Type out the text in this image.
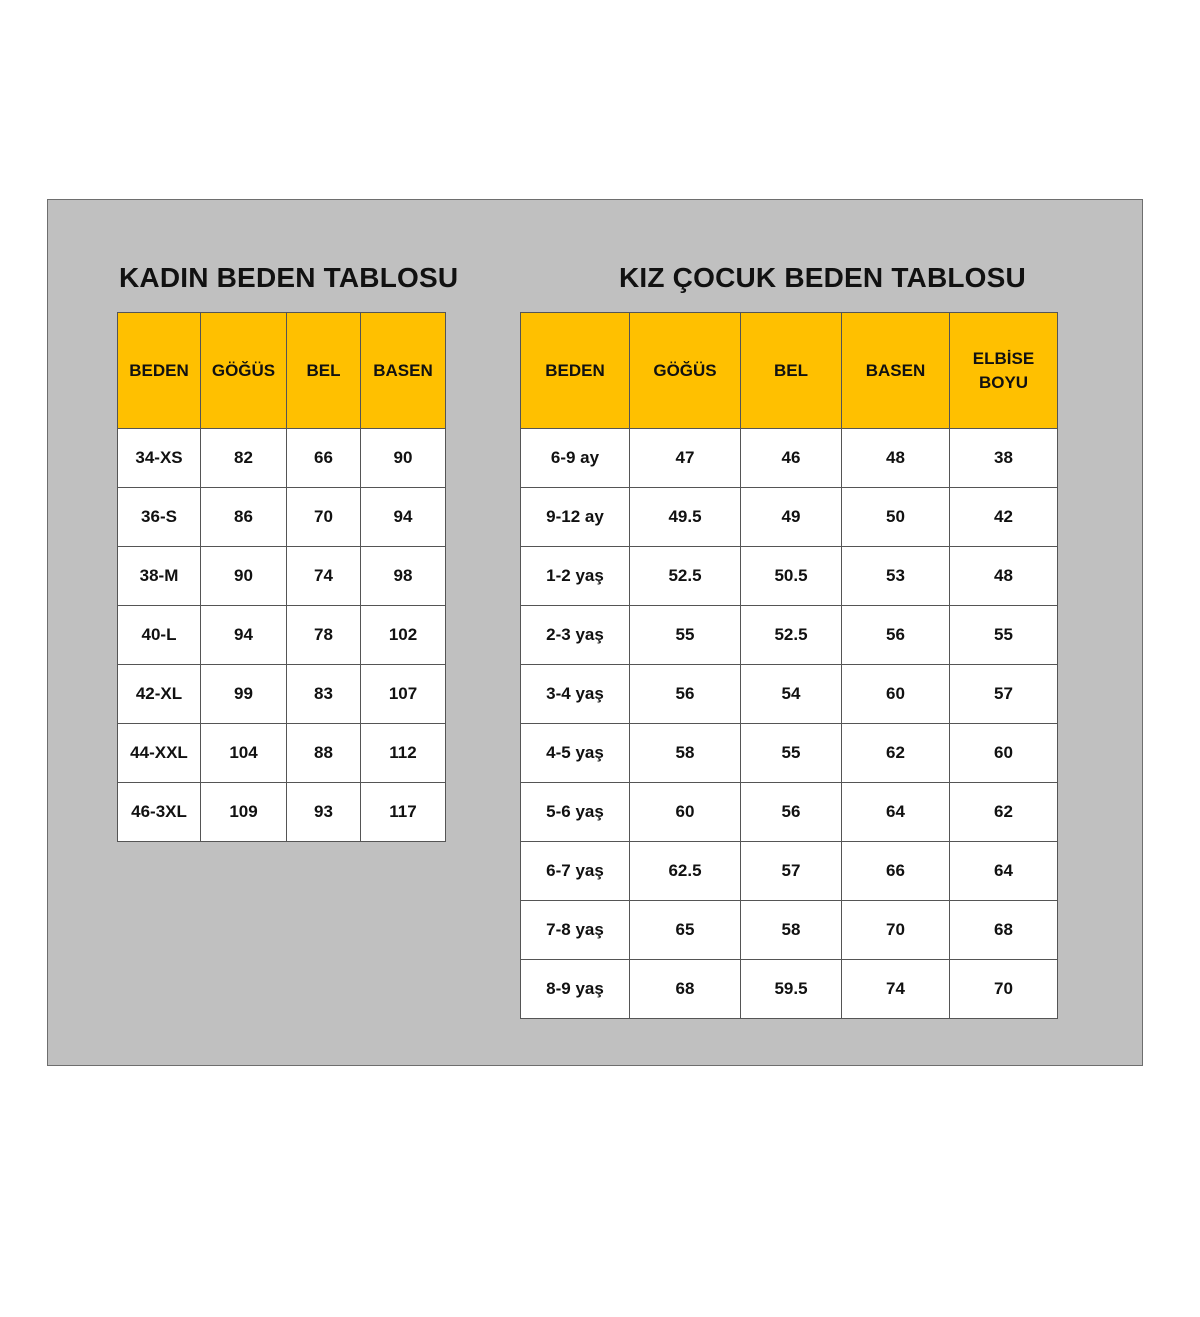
KADIN BEDEN TABLOSU	KIZ ÇOCUK BEDEN TABLOSU
BEDEN	GÖĞÜS	BEL	BASEN
34-XS	82	66	90
36-S	86	70	94
38-M	90	74	98
40-L	94	78	102
42-XL	99	83	107
44-XXL	104	88	112
46-3XL	109	93	117
BEDEN	GÖĞÜS	BEL	BASEN	ELBİSE
BOYU

6-9 ay	47	46	48	38
9-12 ay	49.5	49	50	42
1-2 yaş	52.5	50.5	53	48
2-3 yaş	55	52.5	56	55
3-4 yaş	56	54	60	57
4-5 yaş	58	55	62	60
5-6 yaş	60	56	64	62
6-7 yaş	62.5	57	66	64
7-8 yaş	65	58	70	68
8-9 yaş	68	59.5	74	70
